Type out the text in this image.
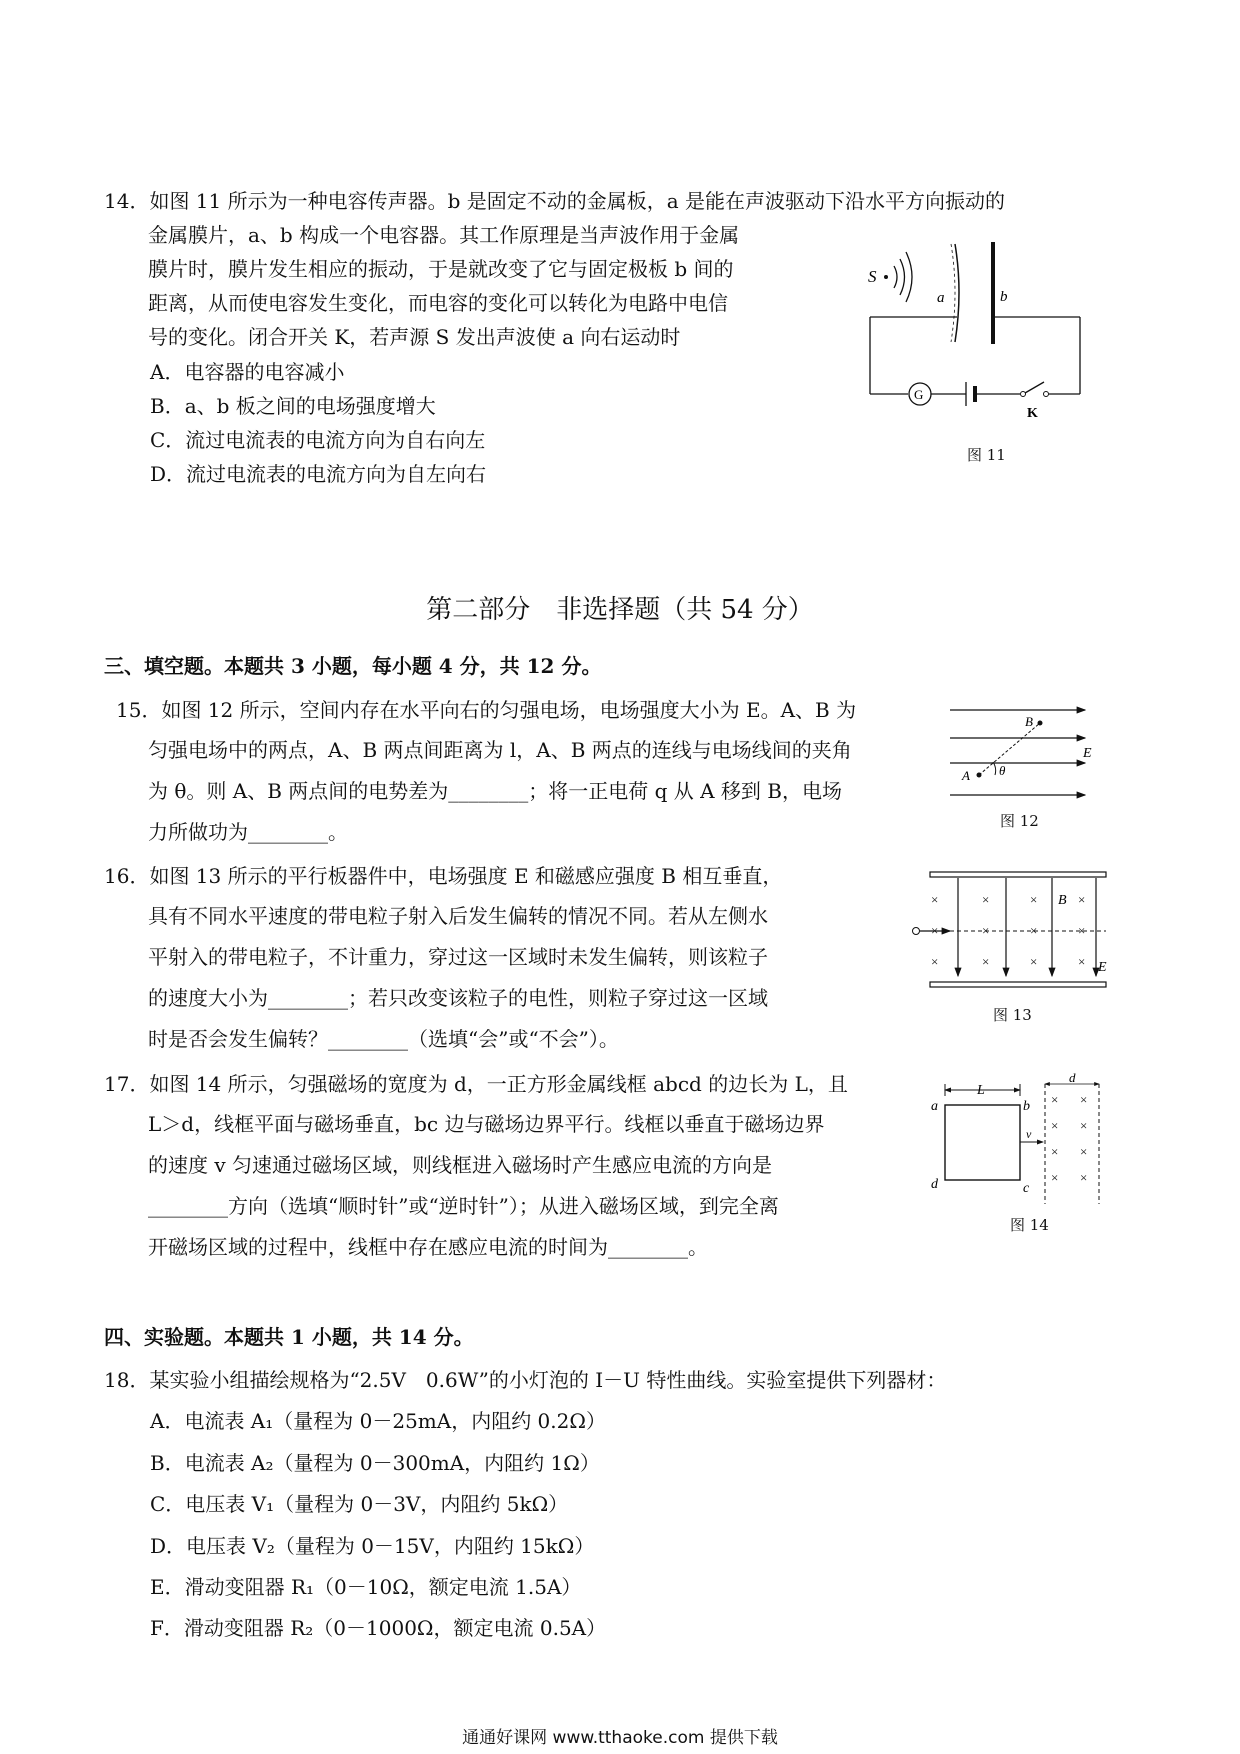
14．如图 11 所示为一种电容传声器。b 是固定不动的金属板，a 是能在声波驱动下沿水平方向振动的
金属膜片，a、b 构成一个电容器。其工作原理是当声波作用于金属
膜片时，膜片发生相应的振动，于是就改变了它与固定极板 b 间的
距离，从而使电容发生变化，而电容的变化可以转化为电路中电信
号的变化。闭合开关 K，若声源 S 发出声波使 a 向右运动时
A．电容器的电容减小
B．a、b 板之间的电场强度增大
C．流过电流表的电流方向为自右向左
D．流过电流表的电流方向为自左向右
S
a	b
G
K
图 11
第二部分　非选择题（共 54 分）
三、填空题。本题共 3 小题，每小题 4 分，共 12 分。
15．如图 12 所示，空间内存在水平向右的匀强电场，电场强度大小为 E。A、B 为
匀强电场中的两点，A、B 两点间距离为 l，A、B 两点的连线与电场线间的夹角
为 θ。则 A、B 两点间的电势差为________；将一正电荷 q 从 A 移到 B，电场
力所做功为________。
A
B
θ
E
图 12
16．如图 13 所示的平行板器件中，电场强度 E 和磁感应强度 B 相互垂直，
具有不同水平速度的带电粒子射入后发生偏转的情况不同。若从左侧水
平射入的带电粒子，不计重力，穿过这一区域时未发生偏转，则该粒子
的速度大小为________；若只改变该粒子的电性，则粒子穿过这一区域
时是否会发生偏转？________（选填“会”或“不会”）。
×	×	×	×
×	×	×	×
×	×	×	×
B
E
图 13
17．如图 14 所示，匀强磁场的宽度为 d，一正方形金属线框 abcd 的边长为 L，且
L＞d，线框平面与磁场垂直，bc 边与磁场边界平行。线框以垂直于磁场边界
的速度 v 匀速通过磁场区域，则线框进入磁场时产生感应电流的方向是
________方向（选填“顺时针”或“逆时针”）；从进入磁场区域，到完全离
开磁场区域的过程中，线框中存在感应电流的时间为________。
L
a	b
c
d
v
d
× ×
× ×
× ×
× ×
图 14
四、实验题。本题共 1 小题，共 14 分。
18．某实验小组描绘规格为“2.5V　0.6W”的小灯泡的 I－U 特性曲线。实验室提供下列器材：
A．电流表 A₁（量程为 0－25mA，内阻约 0.2Ω）
B．电流表 A₂（量程为 0－300mA，内阻约 1Ω）
C．电压表 V₁（量程为 0－3V，内阻约 5kΩ）
D．电压表 V₂（量程为 0－15V，内阻约 15kΩ）
E．滑动变阻器 R₁（0－10Ω，额定电流 1.5A）
F．滑动变阻器 R₂（0－1000Ω，额定电流 0.5A）
通通好课网 www.tthaoke.com 提供下载
